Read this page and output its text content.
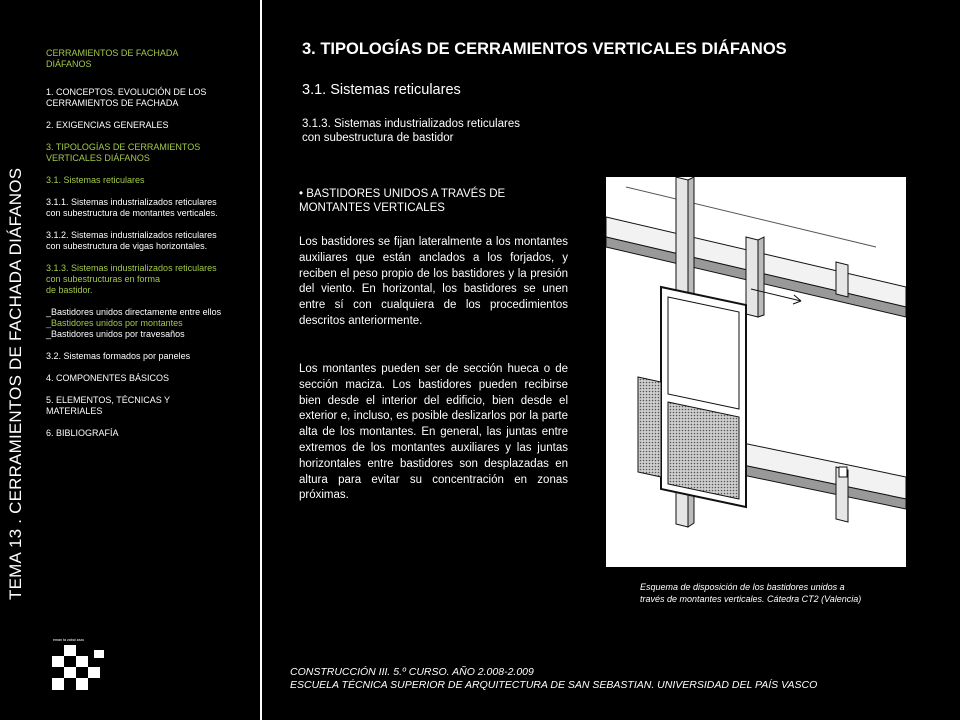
TEMA 13 . CERRAMIENTOS DE FACHADA DIÁFANOS
CERRAMIENTOS DE FACHADA
DIÁFANOS
1. CONCEPTOS. EVOLUCIÓN DE LOS
CERRAMIENTOS DE FACHADA
2. EXIGENCIAS GENERALES
3. TIPOLOGÍAS DE CERRAMIENTOS
VERTICALES DIÁFANOS
3.1. Sistemas reticulares
3.1.1. Sistemas industrializados reticulares
con subestructura de montantes verticales.
3.1.2. Sistemas industrializados reticulares
con subestructura de vigas horizontales.
3.1.3. Sistemas industrializados reticulares
con subestructuras en forma
de bastidor.
_Bastidores unidos directamente entre ellos
_Bastidores unidos por montantes
_Bastidores unidos por travesaños
3.2. Sistemas formados por paneles
4. COMPONENTES BÁSICOS
5. ELEMENTOS, TÉCNICAS Y
MATERIALES
6. BIBLIOGRAFÍA
eman ta zabal zazu
3. TIPOLOGÍAS DE CERRAMIENTOS VERTICALES DIÁFANOS
3.1. Sistemas reticulares
3.1.3. Sistemas industrializados reticulares
con subestructura de bastidor
• BASTIDORES UNIDOS A TRAVÉS DE
MONTANTES VERTICALES
Los bastidores se fijan lateralmente a los montantes auxiliares que están anclados a los forjados, y reciben el peso propio de los bastidores y la presión del viento. En horizontal, los bastidores se unen entre sí con cualquiera de los procedimientos descritos anteriormente.
Los montantes pueden ser de sección hueca o de sección maciza. Los bastidores pueden recibirse bien desde el interior del edificio, bien desde el exterior e, incluso, es posible deslizarlos por la parte alta de los montantes. En general, las juntas entre extremos de los montantes auxiliares y las juntas horizontales entre bastidores son desplazadas en altura para evitar su concentración en zonas próximas.
Esquema de disposición de los bastidores unidos a
través de montantes verticales. Cátedra CT2 (Valencia)
CONSTRUCCIÓN III. 5.º CURSO. AÑO 2.008-2.009
ESCUELA TÉCNICA SUPERIOR DE ARQUITECTURA DE SAN SEBASTIAN. UNIVERSIDAD DEL PAÍS VASCO
